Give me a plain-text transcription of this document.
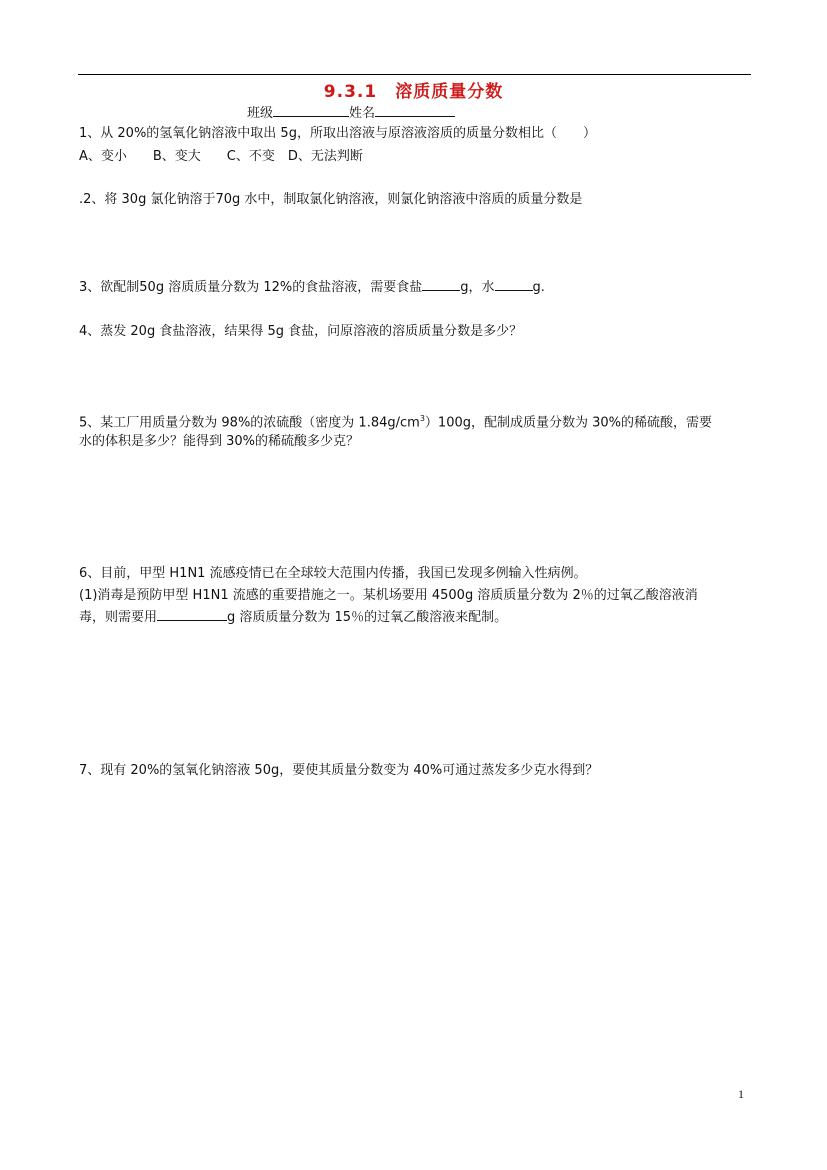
9.3.1　溶质质量分数
班级	姓名
1、从 20%的氢氧化钠溶液中取出 5g，所取出溶液与原溶液溶质的质量分数相比（　　）
A、变小　　B、变大　　C、不变　D、无法判断
.2、将 30g 氯化钠溶于70g 水中，制取氯化钠溶液，则氯化钠溶液中溶质的质量分数是
3、欲配制50g 溶质质量分数为 12%的食盐溶液，需要食盐	g，水	g.
4、蒸发 20g 食盐溶液，结果得 5g 食盐，问原溶液的溶质质量分数是多少？
5、某工厂用质量分数为 98%的浓硫酸（密度为 $1.84g/cm^3)100g$，配制成质量分数为 30%的稀硫酸，需要
水的体积是多少？能得到 30%的稀硫酸多少克？
6、目前，甲型 H1N1 流感疫情已在全球较大范围内传播，我国已发现多例输入性病例。
(1)消毒是预防甲型 H1N1 流感的重要措施之一。某机场要用 4500g 溶质质量分数为 2％的过氧乙酸溶液消
毒，则需要用	g 溶质质量分数为 15％的过氧乙酸溶液来配制。
7、现有 20%的氢氧化钠溶液 50g，要使其质量分数变为 40%可通过蒸发多少克水得到？
1
